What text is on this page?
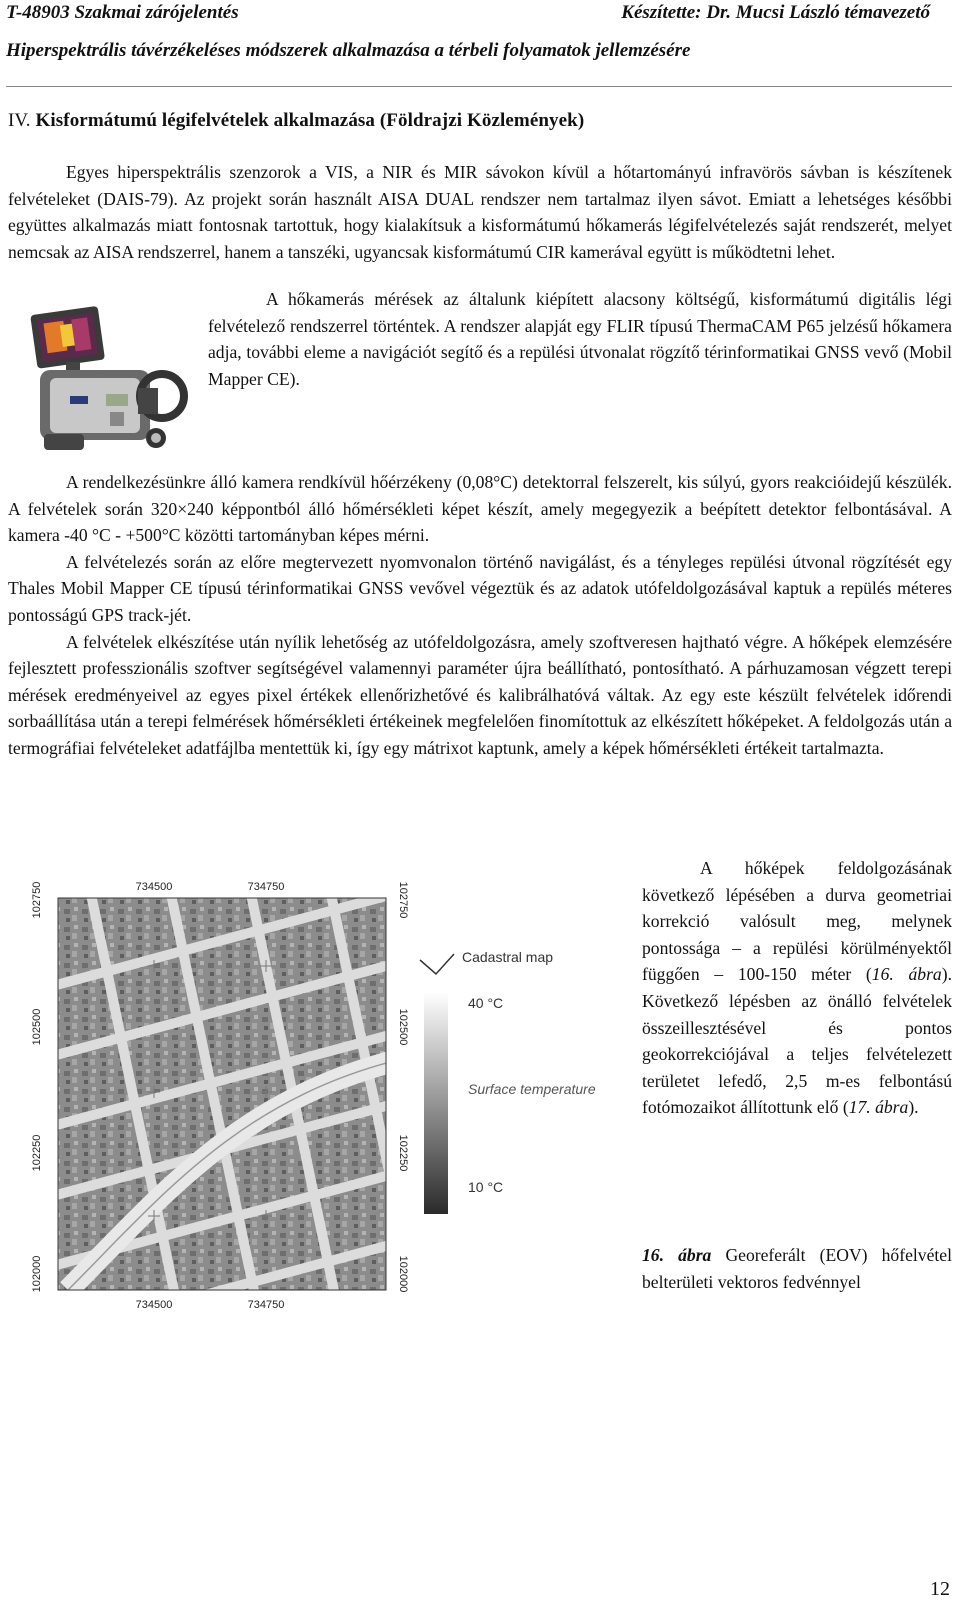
T-48903 Szakmai zárójelentés	Készítette: Dr. Mucsi László témavezető
Hiperspektrális távérzékeléses módszerek alkalmazása a térbeli folyamatok jellemzésére
IV. Kisformátumú légifelvételek alkalmazása (Földrajzi Közlemények)

Egyes hiperspektrális szenzorok a VIS, a NIR és MIR sávokon kívül a hőtartományú infravörös sávban is készítenek felvételeket (DAIS-79). Az projekt során használt AISA DUAL rendszer nem tartalmaz ilyen sávot. Emiatt a lehetséges későbbi együttes alkalmazás miatt fontosnak tartottuk, hogy kialakítsuk a kisformátumú hőkamerás légifelvételezés saját rendszerét, melyet nemcsak az AISA rendszerrel, hanem a tanszéki, ugyancsak kisformátumú CIR kamerával együtt is működtetni lehet.

A hőkamerás mérések az általunk kiépített alacsony költségű, kisformátumú digitális légi felvételező rendszerrel történtek. A rendszer alapját egy FLIR típusú ThermaCAM P65 jelzésű hőkamera adja, további eleme a navigációt segítő és a repülési útvonalat rögzítő térinformatikai GNSS vevő (Mobil Mapper CE).

A rendelkezésünkre álló kamera rendkívül hőérzékeny (0,08°C) detektorral felszerelt, kis súlyú, gyors reakcióidejű készülék. A felvételek során 320×240 képpontból álló hőmérsékleti képet készít, amely megegyezik a beépített detektor felbontásával. A kamera -40 °C - +500°C közötti tartományban képes mérni.

A felvételezés során az előre megtervezett nyomvonalon történő navigálást, és a tényleges repülési útvonal rögzítését egy Thales Mobil Mapper CE típusú térinformatikai GNSS vevővel végeztük és az adatok utófeldolgozásával kaptuk a repülés méteres pontosságú GPS track-jét.

A felvételek elkészítése után nyílik lehetőség az utófeldolgozásra, amely szoftveresen hajtható végre. A hőképek elemzésére fejlesztett professzionális szoftver segítségével valamennyi paraméter újra beállítható, pontosítható. A párhuzamosan végzett terepi mérések eredményeivel az egyes pixel értékek ellenőrizhetővé és kalibrálhatóvá váltak. Az egy este készült felvételek időrendi sorbaállítása után a terepi felmérések hőmérsékleti értékeinek megfelelően finomítottuk az elkészített hőképeket. A feldolgozás után a termográfiai felvételeket adatfájlba mentettük ki, így egy mátrixot kaptunk, amely a képek hőmérsékleti értékeit tartalmazta.

734500	734750
734500	734750
102750
102500
102250
102000
102750
102500
102250
102000
Cadastral map
40 °C
Surface temperature
10 °C

A hőképek feldolgozásának következő lépésében a durva geometriai korrekció valósult meg, melynek pontossága – a repülési körülményektől függően – 100-150 méter (16. ábra). Következő lépésben az önálló felvételek összeillesztésével és pontos geokorrekciójával a teljes felvételezett területet lefedő, 2,5 m-es felbontású fotómozaikot állítottunk elő (17. ábra).

16. ábra Georeferált (EOV) hőfelvétel belterületi vektoros fedvénnyel
12
